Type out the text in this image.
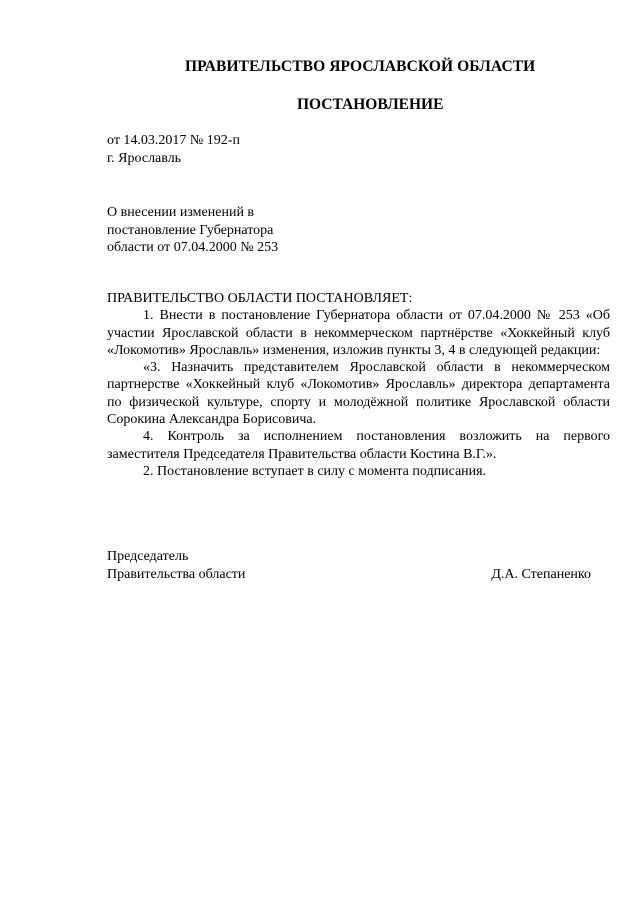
ПРАВИТЕЛЬСТВО ЯРОСЛАВСКОЙ ОБЛАСТИ
ПОСТАНОВЛЕНИЕ
от 14.03.2017 № 192-п
г. Ярославль
О внесении изменений в
постановление Губернатора
области от 07.04.2000 № 253

ПРАВИТЕЛЬСТВО ОБЛАСТИ ПОСТАНОВЛЯЕТ:

1. Внести в постановление Губернатора области от 07.04.2000 № 253 «Об участии Ярославской области в некоммерческом партнёрстве «Хоккейный клуб «Локомотив» Ярославль» изменения, изложив пункты 3, 4 в следующей редакции:

«3. Назначить представителем Ярославской области в некоммерческом партнерстве «Хоккейный клуб «Локомотив» Ярославль» директора департамента по физической культуре, спорту и молодёжной политике Ярославской области Сорокина Александра Борисовича.

4. Контроль за исполнением постановления возложить на первого заместителя Председателя Правительства области Костина В.Г.».

2. Постановление вступает в силу с момента подписания.

Председатель
Правительства области	Д.А. Степаненко
